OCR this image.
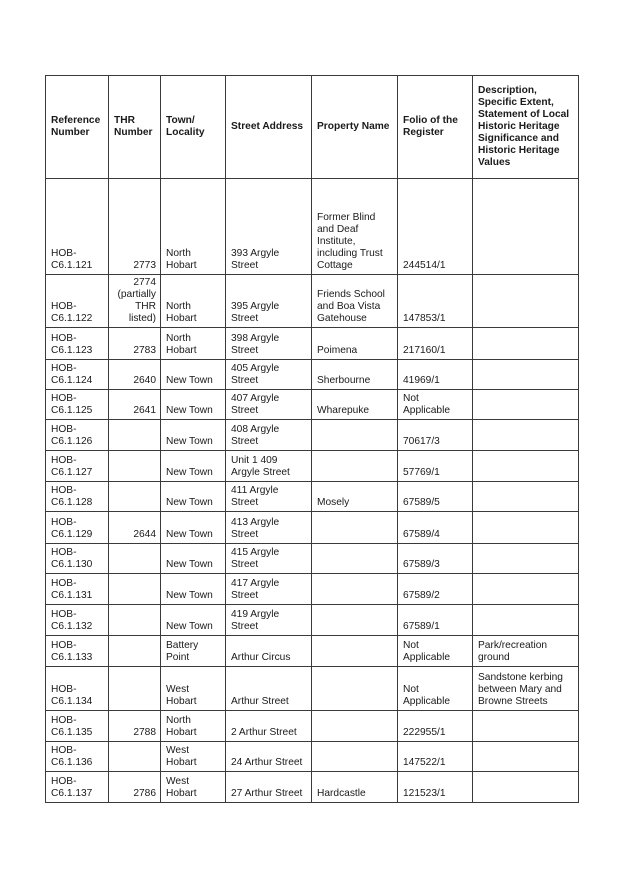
Reference Number	THR Number	Town/
Locality	Street Address	Property Name	Folio of the Register	Description, Specific Extent, Statement of Local Historic Heritage Significance and Historic Heritage Values
HOB-
C6.1.121	2773	North
Hobart	393 Argyle
Street	Former Blind
and Deaf
Institute,
including Trust
Cottage	244514/1	
HOB-
C6.1.122	2774
(partially
THR
listed)	North
Hobart	395 Argyle
Street	Friends School
and Boa Vista
Gatehouse	147853/1	
HOB-
C6.1.123	2783	North
Hobart	398 Argyle
Street	Poimena	217160/1	
HOB-
C6.1.124	2640	New Town	405 Argyle
Street	Sherbourne	41969/1	
HOB-
C6.1.125	2641	New Town	407 Argyle
Street	Wharepuke	Not
Applicable	
HOB-
C6.1.126		New Town	408 Argyle
Street		70617/3	
HOB-
C6.1.127		New Town	Unit 1 409
Argyle Street		57769/1	
HOB-
C6.1.128		New Town	411 Argyle
Street	Mosely	67589/5	
HOB-
C6.1.129	2644	New Town	413 Argyle
Street		67589/4	
HOB-
C6.1.130		New Town	415 Argyle
Street		67589/3	
HOB-
C6.1.131		New Town	417 Argyle
Street		67589/2	
HOB-
C6.1.132		New Town	419 Argyle
Street		67589/1	
HOB-
C6.1.133		Battery
Point	Arthur Circus		Not
Applicable	Park/recreation
ground
HOB-
C6.1.134		West
Hobart	Arthur Street		Not
Applicable	Sandstone kerbing
between Mary and
Browne Streets
HOB-
C6.1.135	2788	North
Hobart	2 Arthur Street		222955/1	
HOB-
C6.1.136		West
Hobart	24 Arthur Street		147522/1	
HOB-
C6.1.137	2786	West
Hobart	27 Arthur Street	Hardcastle	121523/1	
